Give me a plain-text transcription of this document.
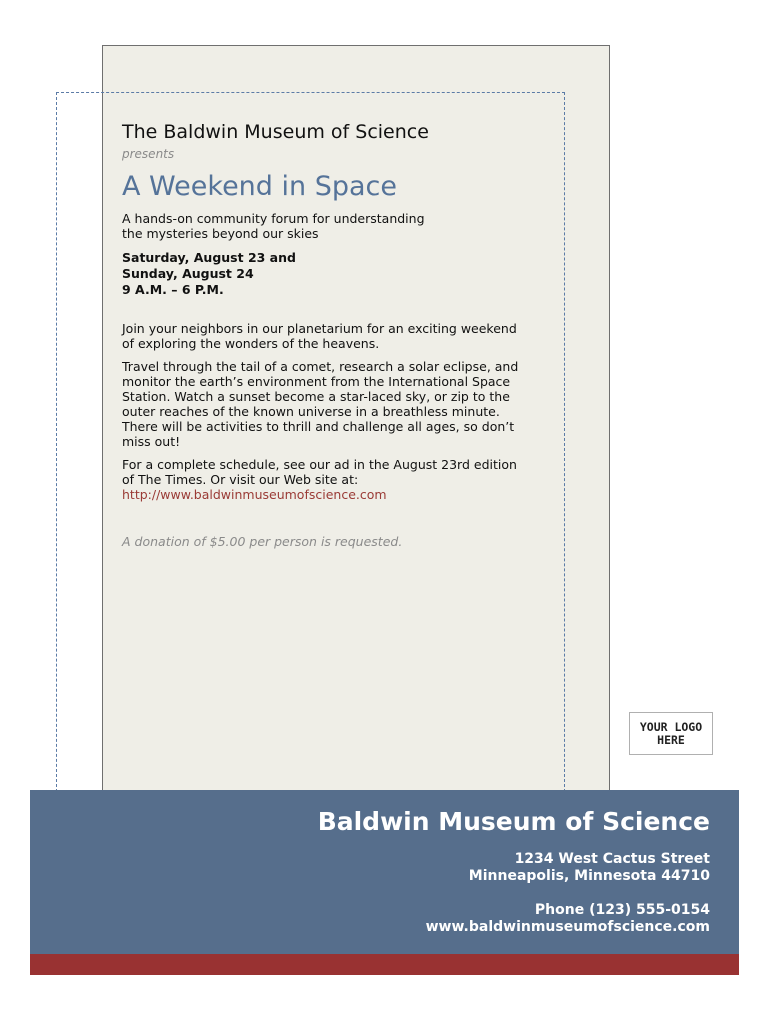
The Baldwin Museum of Science
presents
A Weekend in Space
A hands-on community forum for understanding
the mysteries beyond our skies
Saturday, August 23 and
Sunday, August 24
9 A.M. – 6 P.M.
Join your neighbors in our planetarium for an exciting weekend
of exploring the wonders of the heavens.
Travel through the tail of a comet, research a solar eclipse, and
monitor the earth’s environment from the International Space
Station. Watch a sunset become a star-laced sky, or zip to the
outer reaches of the known universe in a breathless minute.
There will be activities to thrill and challenge all ages, so don’t
miss out!
For a complete schedule, see our ad in the August 23rd edition
of The Times. Or visit our Web site at:
http://www.baldwinmuseumofscience.com
A donation of $5.00 per person is requested.
YOUR LOGO
HERE
Baldwin Museum of Science
1234 West Cactus Street
Minneapolis, Minnesota 44710
Phone (123) 555-0154
www.baldwinmuseumofscience.com
